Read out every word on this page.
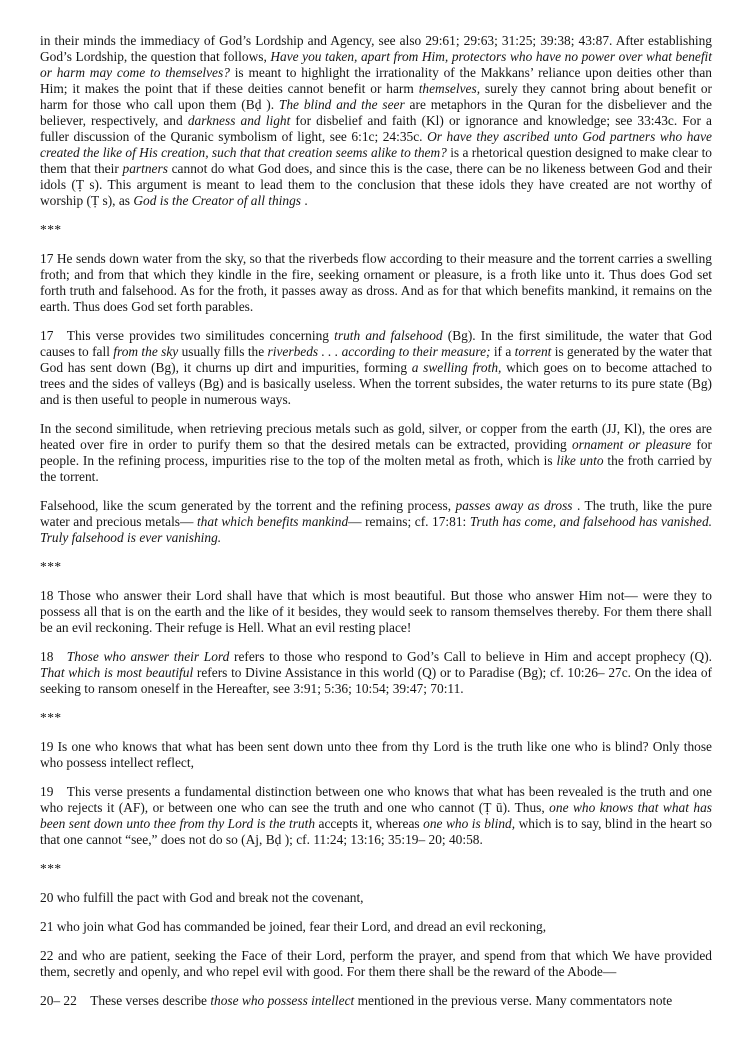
in their minds the immediacy of God’s Lordship and Agency, see also 29:61; 29:63; 31:25; 39:38; 43:87. After establishing God’s Lordship, the question that follows, Have you taken, apart from Him, protectors who have no power over what benefit or harm may come to themselves? is meant to highlight the irrationality of the Makkans’ reliance upon deities other than Him; it makes the point that if these deities cannot benefit or harm themselves, surely they cannot bring about benefit or harm for those who call upon them (Bḍ ). The blind and the seer are metaphors in the Quran for the disbeliever and the believer, respectively, and darkness and light for disbelief and faith (Kl) or ignorance and knowledge; see 33:43c. For a fuller discussion of the Quranic symbolism of light, see 6:1c; 24:35c. Or have they ascribed unto God partners who have created the like of His creation, such that that creation seems alike to them? is a rhetorical question designed to make clear to them that their partners cannot do what God does, and since this is the case, there can be no likeness between God and their idols (Ṭ s). This argument is meant to lead them to the conclusion that these idols they have created are not worthy of worship (Ṭ s), as God is the Creator of all things .

***

17 He sends down water from the sky, so that the riverbeds flow according to their measure and the torrent carries a swelling froth; and from that which they kindle in the fire, seeking ornament or pleasure, is a froth like unto it. Thus does God set forth truth and falsehood. As for the froth, it passes away as dross. And as for that which benefits mankind, it remains on the earth. Thus does God set forth parables.

17 This verse provides two similitudes concerning truth and falsehood (Bg). In the first similitude, the water that God causes to fall from the sky usually fills the riverbeds . . . according to their measure; if a torrent is generated by the water that God has sent down (Bg), it churns up dirt and impurities, forming a swelling froth, which goes on to become attached to trees and the sides of valleys (Bg) and is basically useless. When the torrent subsides, the water returns to its pure state (Bg) and is then useful to people in numerous ways.

In the second similitude, when retrieving precious metals such as gold, silver, or copper from the earth (JJ, Kl), the ores are heated over fire in order to purify them so that the desired metals can be extracted, providing ornament or pleasure for people. In the refining process, impurities rise to the top of the molten metal as froth, which is like unto the froth carried by the torrent.

Falsehood, like the scum generated by the torrent and the refining process, passes away as dross . The truth, like the pure water and precious metals— that which benefits mankind— remains; cf. 17:81: Truth has come, and falsehood has vanished. Truly falsehood is ever vanishing.

***

18 Those who answer their Lord shall have that which is most beautiful. But those who answer Him not— were they to possess all that is on the earth and the like of it besides, they would seek to ransom themselves thereby. For them there shall be an evil reckoning. Their refuge is Hell. What an evil resting place!

18 Those who answer their Lord refers to those who respond to God’s Call to believe in Him and accept prophecy (Q). That which is most beautiful refers to Divine Assistance in this world (Q) or to Paradise (Bg); cf. 10:26– 27c. On the idea of seeking to ransom oneself in the Hereafter, see 3:91; 5:36; 10:54; 39:47; 70:11.

***

19 Is one who knows that what has been sent down unto thee from thy Lord is the truth like one who is blind? Only those who possess intellect reflect,

19 This verse presents a fundamental distinction between one who knows that what has been revealed is the truth and one who rejects it (AF), or between one who can see the truth and one who cannot (Ṭ ū). Thus, one who knows that what has been sent down unto thee from thy Lord is the truth accepts it, whereas one who is blind, which is to say, blind in the heart so that one cannot “see,” does not do so (Aj, Bḍ ); cf. 11:24; 13:16; 35:19– 20; 40:58.

***

20 who fulfill the pact with God and break not the covenant,

21 who join what God has commanded be joined, fear their Lord, and dread an evil reckoning,

22 and who are patient, seeking the Face of their Lord, perform the prayer, and spend from that which We have provided them, secretly and openly, and who repel evil with good. For them there shall be the reward of the Abode—

20– 22 These verses describe those who possess intellect mentioned in the previous verse. Many commentators note
